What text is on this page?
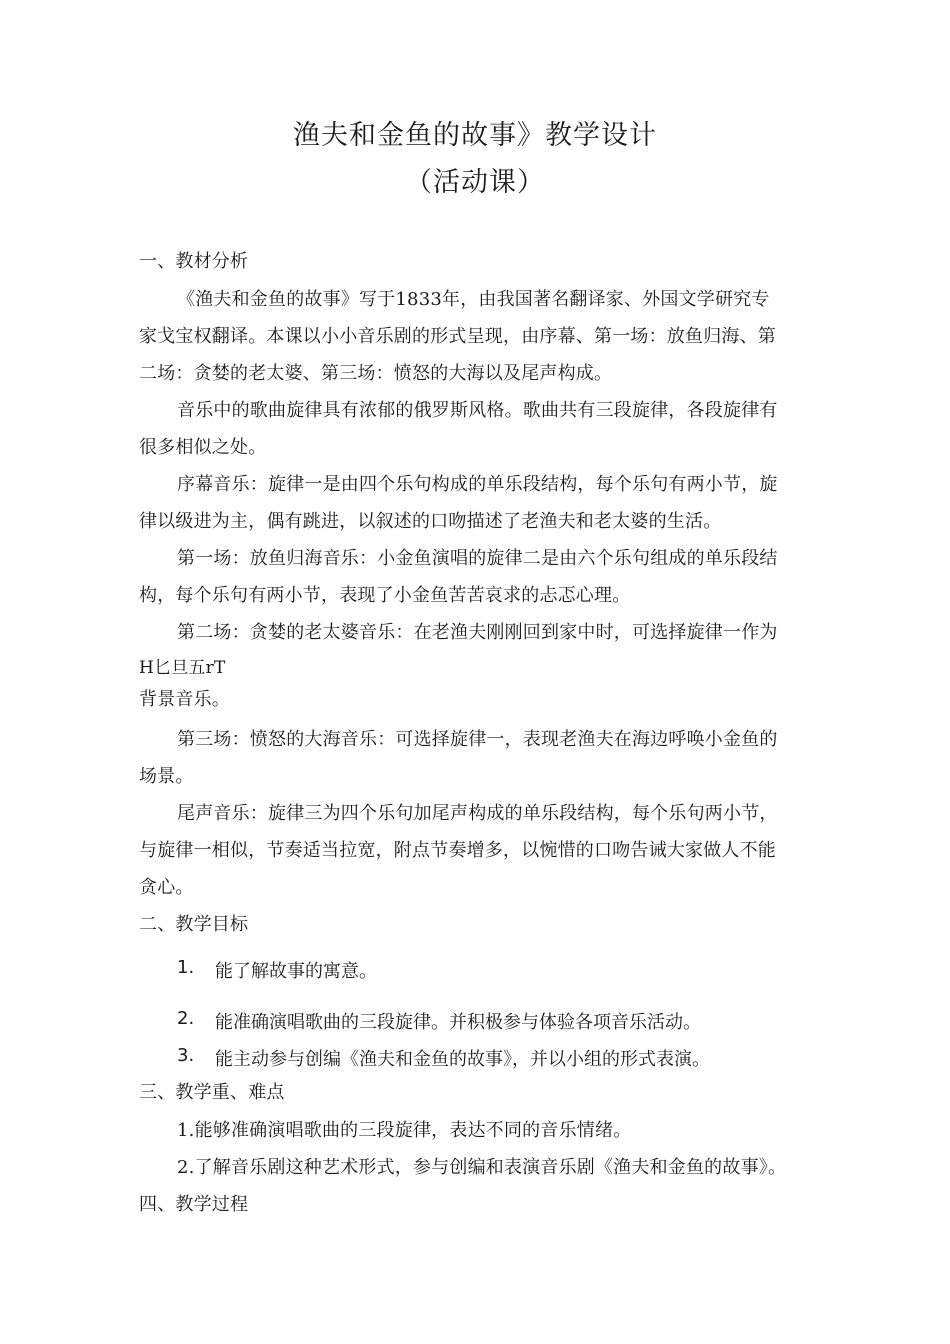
渔夫和金鱼的故事》教学设计
（活动课）
一、教材分析
《渔夫和金鱼的故事》写于1833年，由我国著名翻译家、外国文学研究专
家戈宝权翻译。本课以小小音乐剧的形式呈现，由序幕、第一场：放鱼归海、第
二场：贪婪的老太婆、第三场：愤怒的大海以及尾声构成。
音乐中的歌曲旋律具有浓郁的俄罗斯风格。歌曲共有三段旋律，各段旋律有
很多相似之处。
序幕音乐：旋律一是由四个乐句构成的单乐段结构，每个乐句有两小节，旋
律以级进为主，偶有跳进，以叙述的口吻描述了老渔夫和老太婆的生活。
第一场：放鱼归海音乐：小金鱼演唱的旋律二是由六个乐句组成的单乐段结
构，每个乐句有两小节，表现了小金鱼苦苦哀求的忐忑心理。
第二场：贪婪的老太婆音乐：在老渔夫刚刚回到家中时，可选择旋律一作为
H匕旦五rT
背景音乐。
第三场：愤怒的大海音乐：可选择旋律一，表现老渔夫在海边呼唤小金鱼的
场景。
尾声音乐：旋律三为四个乐句加尾声构成的单乐段结构，每个乐句两小节，
与旋律一相似，节奏适当拉宽，附点节奏增多，以惋惜的口吻告诫大家做人不能
贪心。
二、教学目标
1. 能了解故事的寓意。
2. 能准确演唱歌曲的三段旋律。并积极参与体验各项音乐活动。
3. 能主动参与创编《渔夫和金鱼的故事》，并以小组的形式表演。
三、教学重、难点
1.能够准确演唱歌曲的三段旋律，表达不同的音乐情绪。
2.了解音乐剧这种艺术形式，参与创编和表演音乐剧《渔夫和金鱼的故事》。
四、教学过程
